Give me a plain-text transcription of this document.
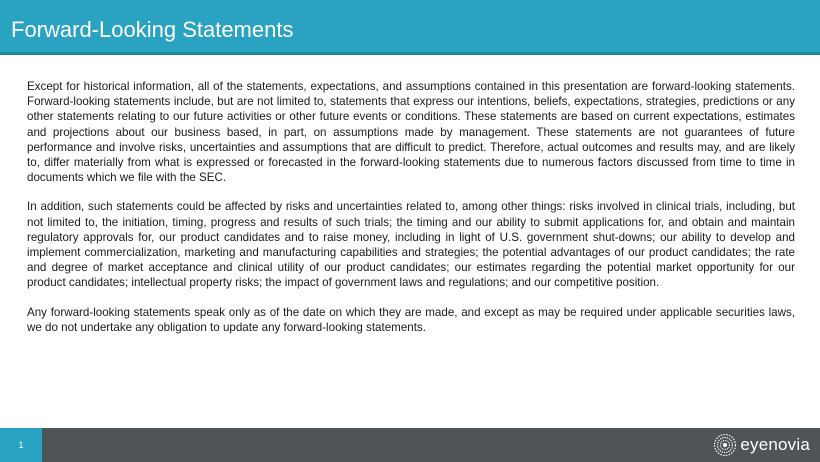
Forward-Looking Statements

Except for historical information, all of the statements, expectations, and assumptions contained in this presentation are forward-looking statements. Forward-looking statements include, but are not limited to, statements that express our intentions, beliefs, expectations, strategies, predictions or any other statements relating to our future activities or other future events or conditions. These statements are based on current expectations, estimates and projections about our business based, in part, on assumptions made by management. These statements are not guarantees of future performance and involve risks, uncertainties and assumptions that are difficult to predict. Therefore, actual outcomes and results may, and are likely to, differ materially from what is expressed or forecasted in the forward-looking statements due to numerous factors discussed from time to time in documents which we file with the SEC.

In addition, such statements could be affected by risks and uncertainties related to, among other things: risks involved in clinical trials, including, but not limited to, the initiation, timing, progress and results of such trials; the timing and our ability to submit applications for, and obtain and maintain regulatory approvals for, our product candidates and to raise money, including in light of U.S. government shut-downs; our ability to develop and implement commercialization, marketing and manufacturing capabilities and strategies; the potential advantages of our product candidates; the rate and degree of market acceptance and clinical utility of our product candidates; our estimates regarding the potential market opportunity for our product candidates; intellectual property risks; the impact of government laws and regulations; and our competitive position.

Any forward-looking statements speak only as of the date on which they are made, and except as may be required under applicable securities laws, we do not undertake any obligation to update any forward-looking statements.

1	eyenovia
